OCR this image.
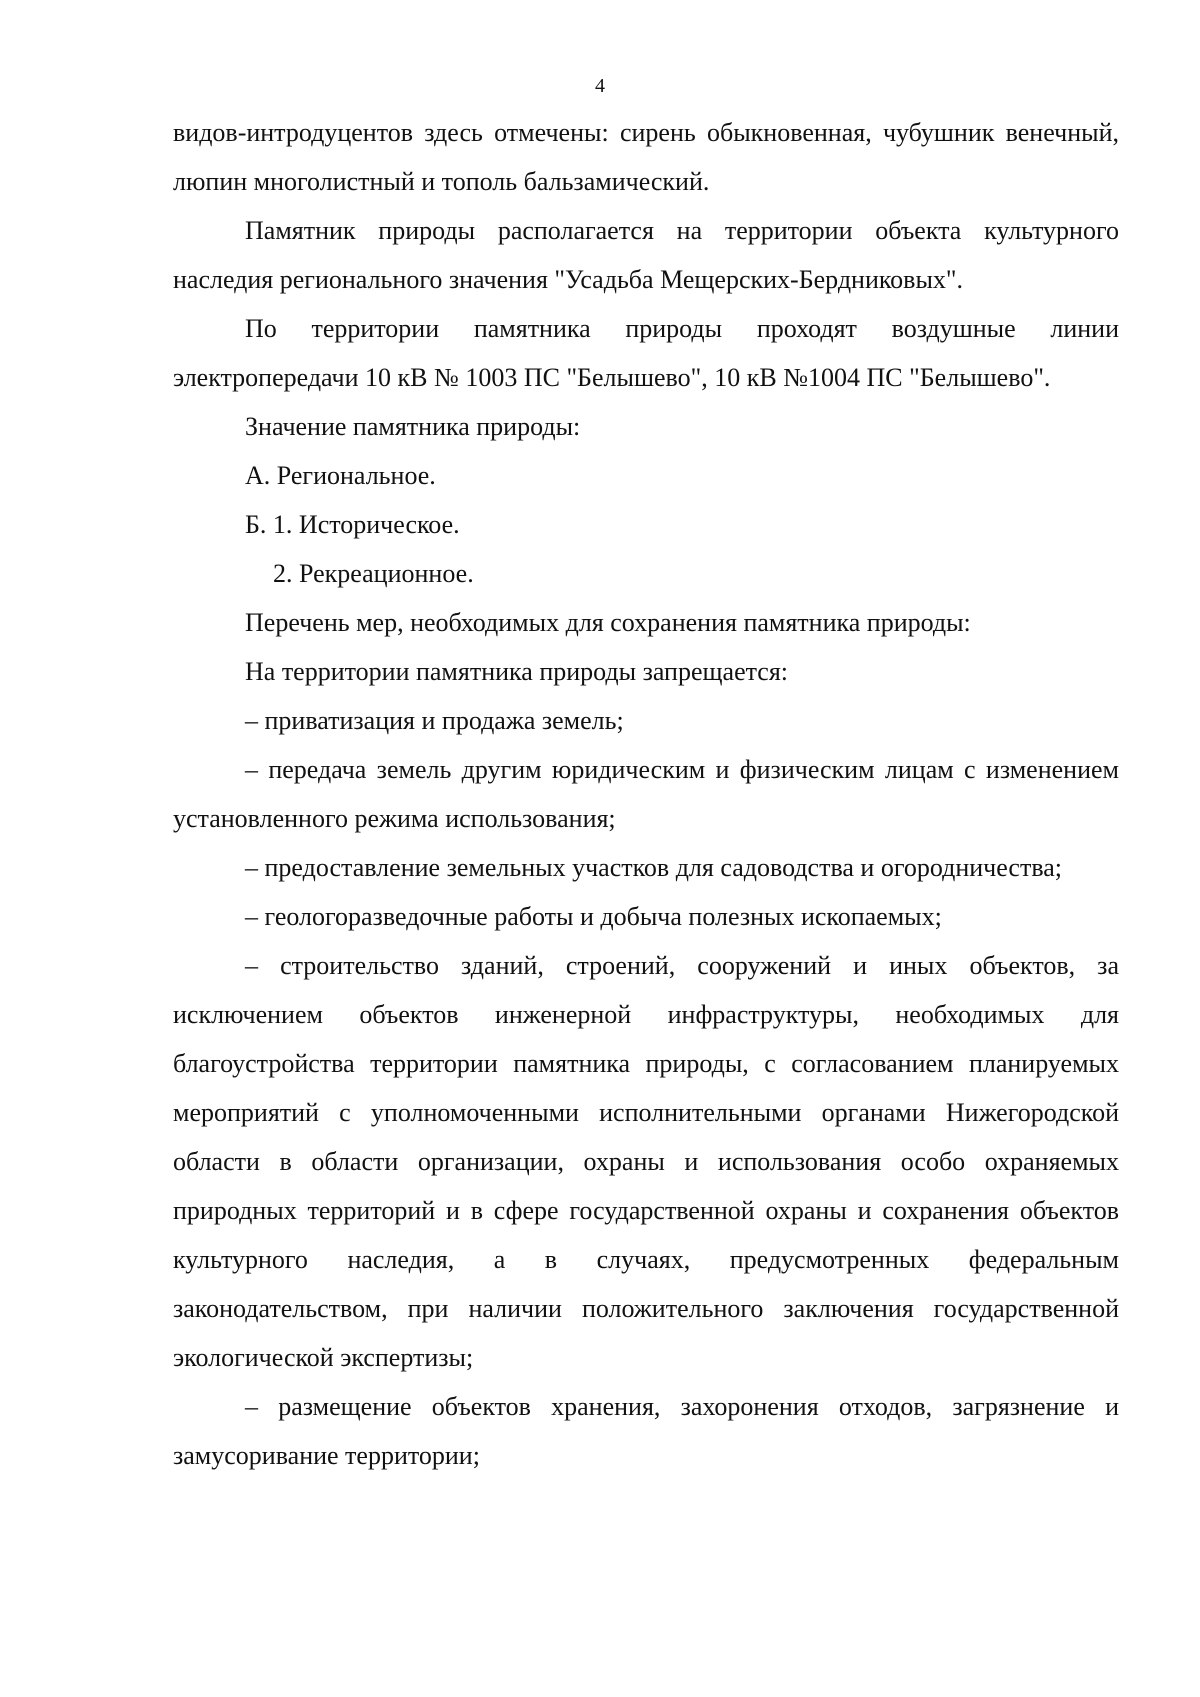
4

видов-интродуцентов здесь отмечены: сирень обыкновенная, чубушник венечный, люпин многолистный и тополь бальзамический.

Памятник природы располагается на территории объекта культурного наследия регионального значения "Усадьба Мещерских-Бердниковых".

По территории памятника природы проходят воздушные линии электропередачи 10 кВ № 1003 ПС "Белышево", 10 кВ №1004 ПС "Белышево".

Значение памятника природы:

А. Региональное.

Б. 1. Историческое.

2. Рекреационное.

Перечень мер, необходимых для сохранения памятника природы:

На территории памятника природы запрещается:

– приватизация и продажа земель;

– передача земель другим юридическим и физическим лицам с изменением установленного режима использования;

– предоставление земельных участков для садоводства и огородничества;

– геологоразведочные работы и добыча полезных ископаемых;

– строительство зданий, строений, сооружений и иных объектов, за исключением объектов инженерной инфраструктуры, необходимых для благоустройства территории памятника природы, с согласованием планируемых мероприятий с уполномоченными исполнительными органами Нижегородской области в области организации, охраны и использования особо охраняемых природных территорий и в сфере государственной охраны и сохранения объектов культурного наследия, а в случаях, предусмотренных федеральным законодательством, при наличии положительного заключения государственной экологической экспертизы;

– размещение объектов хранения, захоронения отходов, загрязнение и замусоривание территории;
